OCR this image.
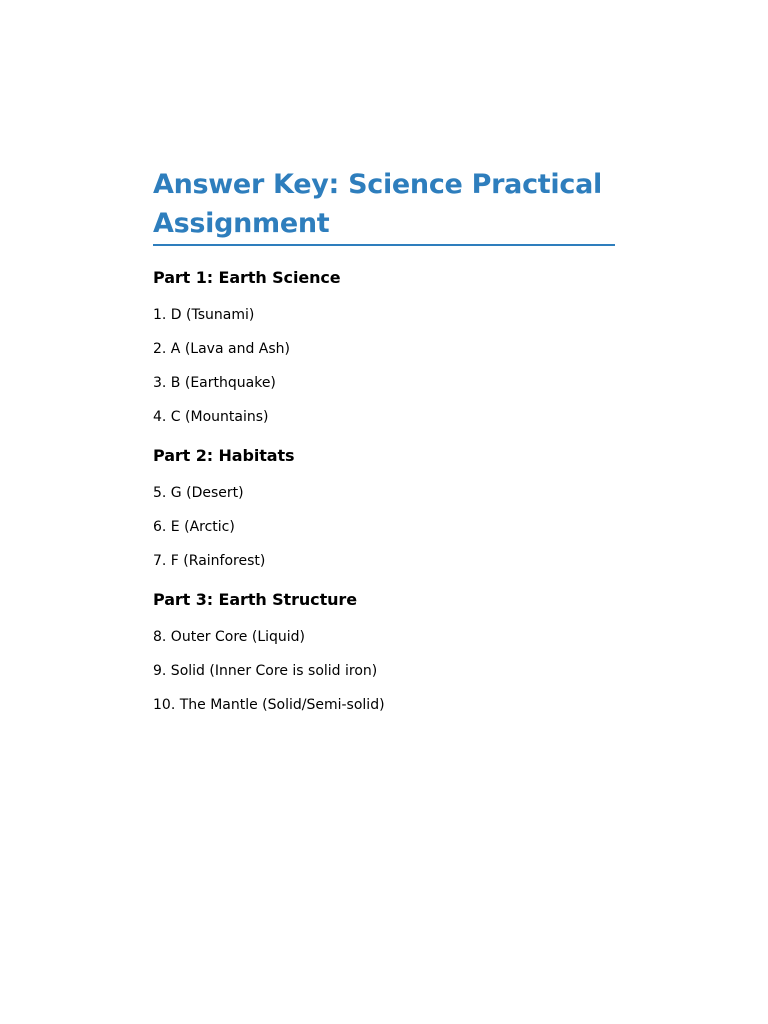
Answer Key: Science Practical Assignment
Part 1: Earth Science
1. D (Tsunami)
2. A (Lava and Ash)
3. B (Earthquake)
4. C (Mountains)
Part 2: Habitats
5. G (Desert)
6. E (Arctic)
7. F (Rainforest)
Part 3: Earth Structure
8. Outer Core (Liquid)
9. Solid (Inner Core is solid iron)
10. The Mantle (Solid/Semi-solid)
